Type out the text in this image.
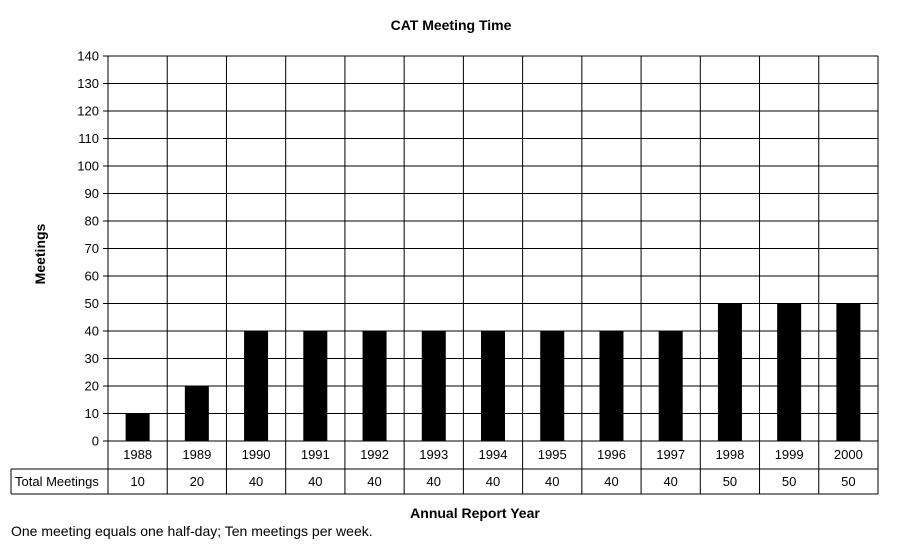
CAT Meeting Time
Meetings
0
10
20
30
40
50
60
70
80
90
100
110
120
130
140
1988 1989 1990 1991 1992 1993 1994 1995 1996 1997 1998 1999 2000
Total Meetings 10	20	40	40	40	40	40	40	40	40	50	50	50
Annual Report Year
One meeting equals one half-day; Ten meetings per week.
